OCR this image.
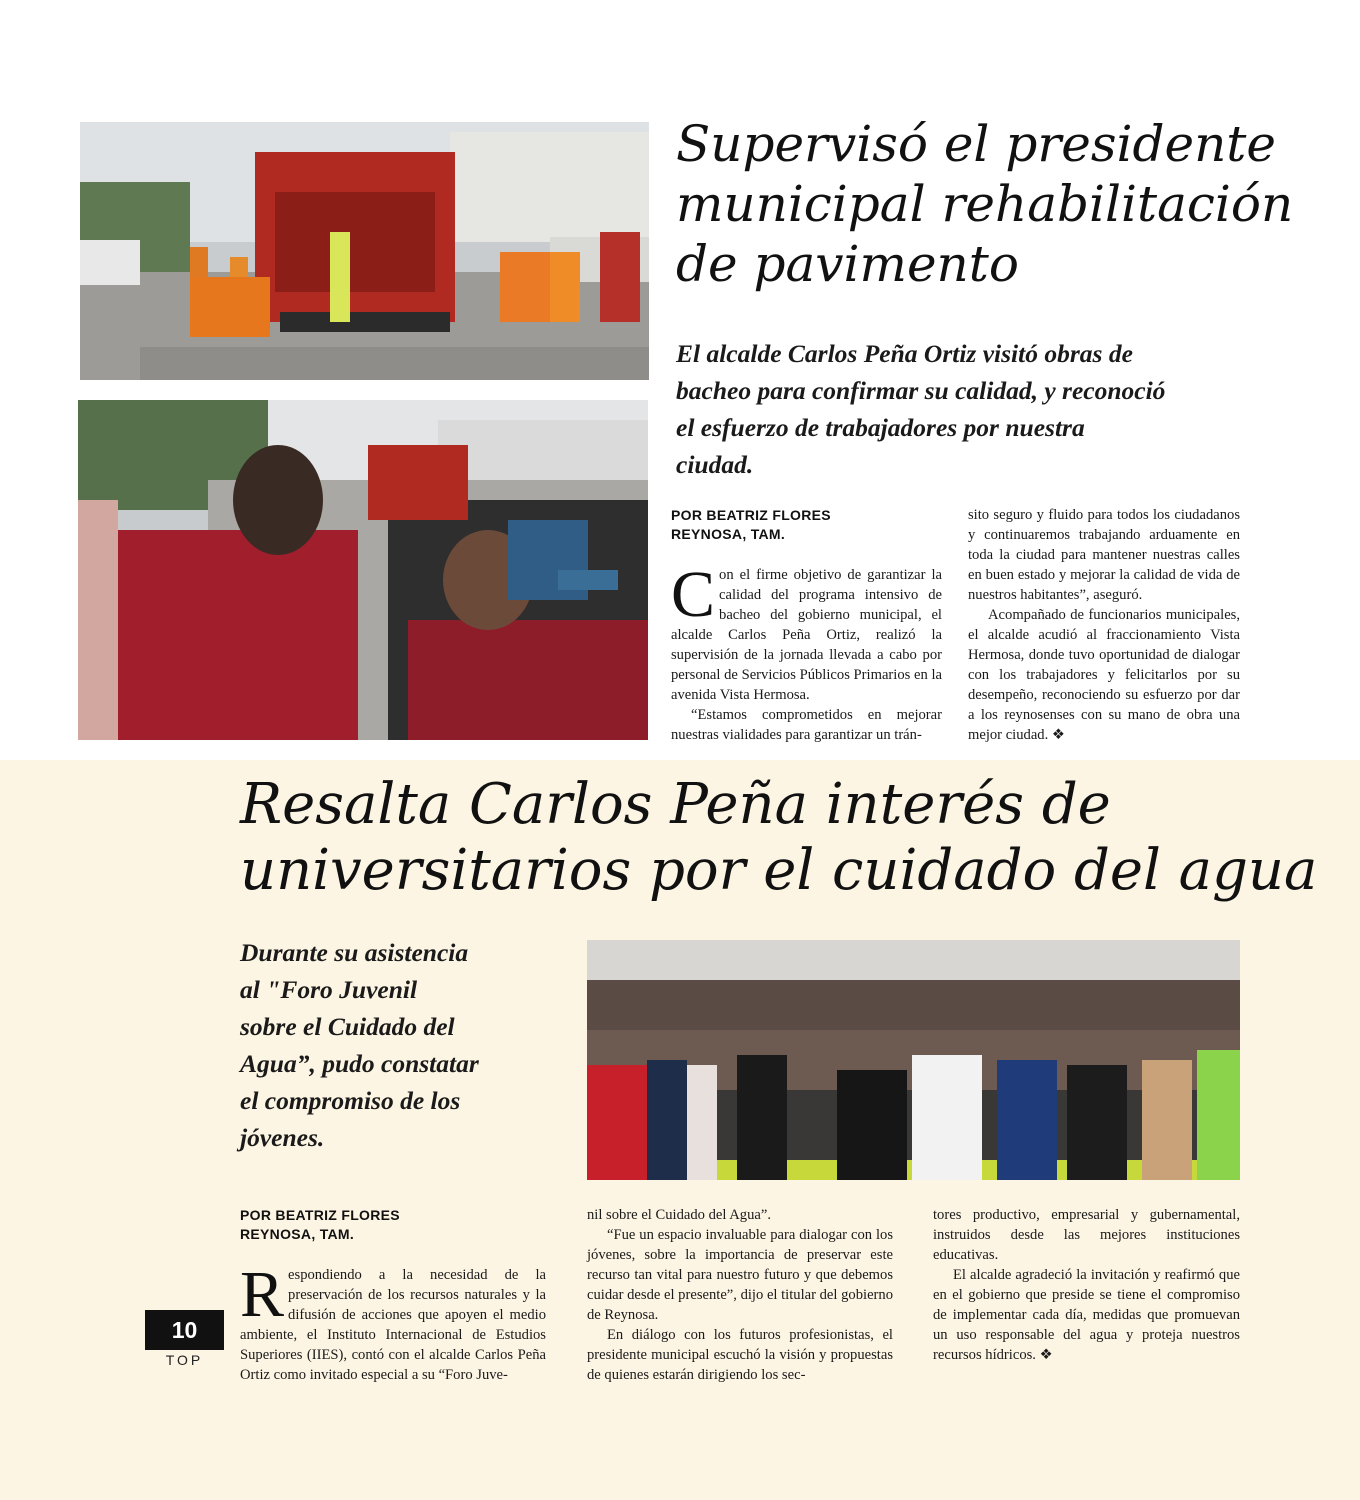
Supervisó el presidente
municipal rehabilitación
de pavimento
El alcalde Carlos Peña Ortiz visitó obras de
bacheo para confirmar su calidad, y reconoció
el esfuerzo de trabajadores por nuestra
ciudad.
POR BEATRIZ FLORES
REYNOSA, TAM.

Con el firme objetivo de garantizar la calidad del programa intensivo de bacheo del gobierno municipal, el alcalde Carlos Peña Ortiz, realizó la supervisión de la jornada llevada a cabo por personal de Servicios Públicos Primarios en la avenida Vista Hermosa.

“Estamos comprometidos en mejorar nuestras vialidades para garantizar un trán-

sito seguro y fluido para todos los ciudadanos y continuaremos trabajando arduamente en toda la ciudad para mantener nuestras calles en buen estado y mejorar la calidad de vida de nuestros habitantes”, aseguró.

Acompañado de funcionarios municipales, el alcalde acudió al fraccionamiento Vista Hermosa, donde tuvo oportunidad de dialogar con los trabajadores y felicitarlos por su desempeño, reconociendo su esfuerzo por dar a los reynosenses con su mano de obra una mejor ciudad. ❖

Resalta Carlos Peña interés de
universitarios por el cuidado del agua
Durante su asistencia
al "Foro Juvenil
sobre el Cuidado del
Agua”, pudo constatar
el compromiso de los
jóvenes.
POR BEATRIZ FLORES
REYNOSA, TAM.

Respondiendo a la necesidad de la preservación de los recursos naturales y la difusión de acciones que apoyen el medio ambiente, el Instituto Internacional de Estudios Superiores (IIES), contó con el alcalde Carlos Peña Ortiz como invitado especial a su “Foro Juve-

nil sobre el Cuidado del Agua”.

“Fue un espacio invaluable para dialogar con los jóvenes, sobre la importancia de preservar este recurso tan vital para nuestro futuro y que debemos cuidar desde el presente”, dijo el titular del gobierno de Reynosa.

En diálogo con los futuros profesionistas, el presidente municipal escuchó la visión y propuestas de quienes estarán dirigiendo los sec-

tores productivo, empresarial y gubernamental, instruidos desde las mejores instituciones educativas.

El alcalde agradeció la invitación y reafirmó que en el gobierno que preside se tiene el compromiso de implementar cada día, medidas que promuevan un uso responsable del agua y proteja nuestros recursos hídricos. ❖

10
TOP
